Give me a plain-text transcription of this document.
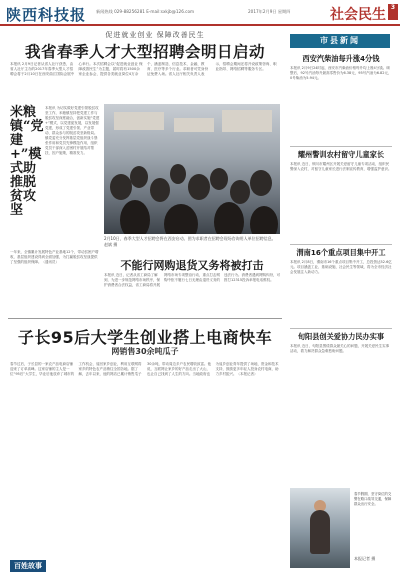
陕西科技报 新闻热线 029-88256281 E-mail:sxkjb@126.com	2017年2月9日 星期四	社会民生 3
促进就业创业 保障改善民生
我省春季人才大型招聘会明日启动
本报讯 2月9日记者从省人社厅获悉，由省人社厅主办的2017年春季大型人才招聘会将于2月10日在西安曲江国际会展中心举行。本次招聘会以“促进就业创业 保障改善民生”为主题，届时将有1500余家企业参会，提供各类就业岗位4万余个，涵盖制造、信息技术、金融、教育、医疗等多个行业。求职者可凭身份证免费入场。省人社厅相关负责人表示，招聘会期间还将开设政策咨询、职业指导、网络招聘等服务专区。
米粮镇“党建+”模式助推脱贫攻坚
本报讯 为切实做好党建引领脱贫攻坚工作，米粮镇坚持把党建工作与脱贫攻坚深度融合，创新实施“党建+”模式，以党建促发展，以发展强党建，形成了党建引领、产业带动、群众参与的脱贫攻坚新格局。镇党委充分发挥基层党组织战斗堡垒作用和党员先锋模范作用，组织党员干部深入贫困村开展结对帮扶，因户施策，精准发力。
一年来，全镇累计发展特色产业基地12个，带动贫困户增收，基层组织建设得到全面加强，为打赢脱贫攻坚战提供了坚强的组织保障。（通讯员）
2月10日，春季大型人才招聘会将在西安启动。图为求职者在招聘会现场咨询用人单位招聘信息。 赵斌 摄
不能行网购退货又务将被打击
本报讯 近日，记者从省工商局了解到，为进一步规范网络市场秩序，保护消费者合法权益，省工商局将开展网络市场专项整治行动，重点打击网购中拒不履行七日无理由退货义务的违法行为。消费者遇到网购纠纷，可拨打12315投诉举报电话维权。
子长95后大学生创业搭上电商快车
网销售30余吨瓜子
春节过后，子长县的一家农产品电商店铺迎来了订单高峰。这家店铺的主人是一位“95后”大学生，毕业后他放弃了城市的工作机会，返回家乡创业，利用互联网将家乡的特色农产品销往全国各地。据了解，去年以来，他的网店已累计销售瓜子30余吨，带动周边多户农民增收致富。他说，互联网让家乡的好产品走出了大山，也让自己找到了人生的方向。当地政府也为返乡创业青年提供了场地、资金和技术支持，鼓励更多年轻人投身农村电商，助力乡村振兴。（本报记者）
百姓故事
市县新闻
西安汽柴油每升涨4分钱
本报讯 2月9日24时起，西安市汽柴油价格每升均上涨4分钱。调整后，92号汽油每升最高零售价为6.38元，95号汽油为6.82元，0号柴油为5.94元。
耀州警训农村留守儿童家长
本报讯 近日，铜川市耀州区开展关爱留守儿童专项活动，组织民警深入农村，对留守儿童家长进行法制宣传教育，增强监护意识。
渭南16个重点项目集中开工
本报讯 2月8日，渭南市16个重点项目集中开工，总投资达52.6亿元。项目涵盖工业、基础设施、社会民生等领域，将为全市经济社会发展注入新动力。
旬阳县创关爱协力民办实事
本报讯 近日，旬阳县围绕群众最关心的问题，开展关爱民生实事活动，着力解决群众急难愁盼问题。
春节假期，坚守岗位的交警在路口疏导交通，保障群众出行安全。
本报记者 摄
